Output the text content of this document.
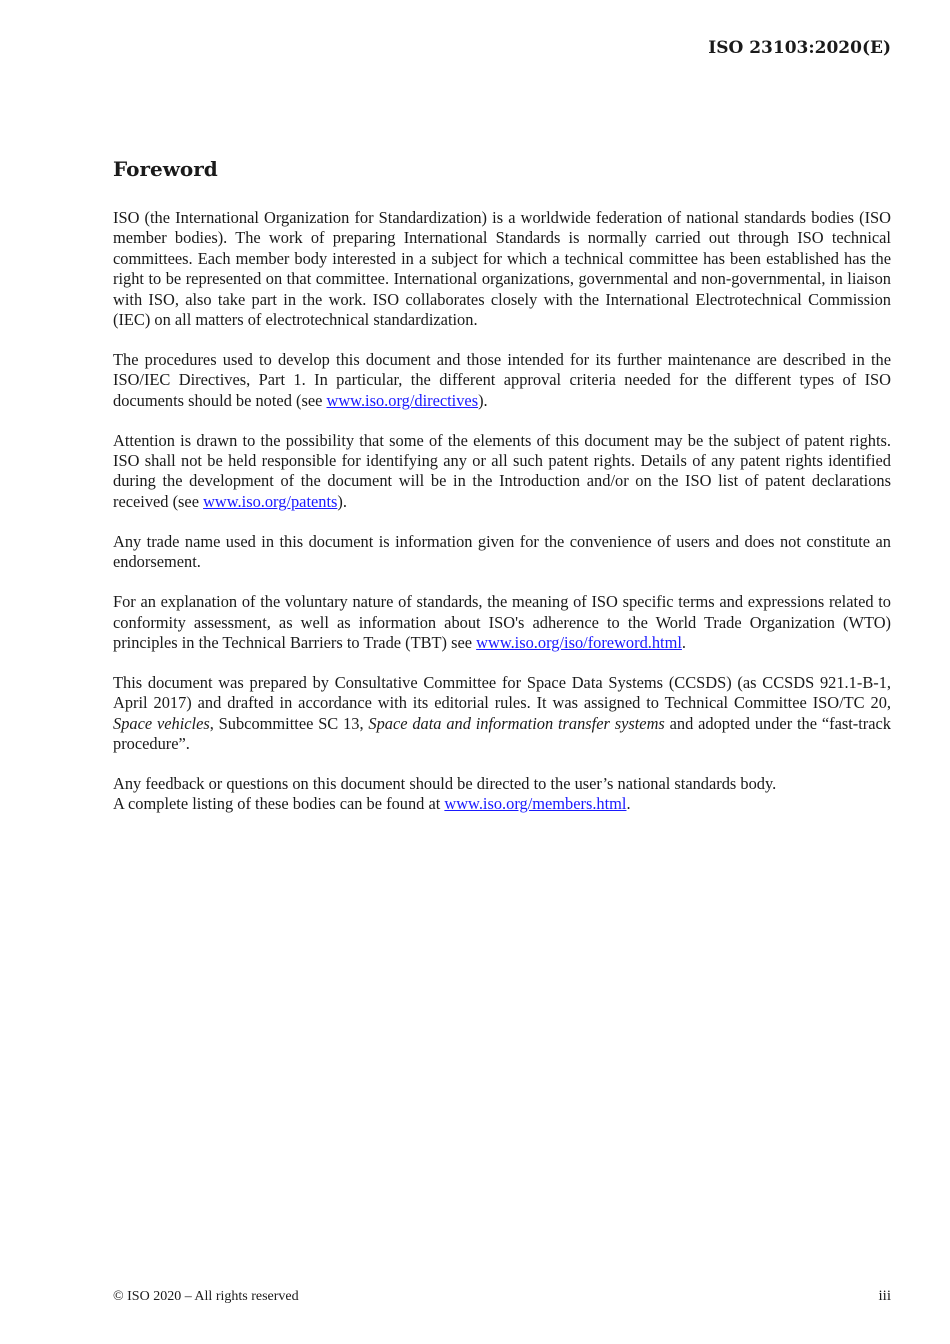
ISO 23103:2020(E)
Foreword

ISO (the International Organization for Standardization) is a worldwide federation of national standards bodies (ISO member bodies). The work of preparing International Standards is normally carried out through ISO technical committees. Each member body interested in a subject for which a technical committee has been established has the right to be represented on that committee. International organizations, governmental and non-governmental, in liaison with ISO, also take part in the work. ISO collaborates closely with the International Electrotechnical Commission (IEC) on all matters of electrotechnical standardization.

The procedures used to develop this document and those intended for its further maintenance are described in the ISO/IEC Directives, Part 1. In particular, the different approval criteria needed for the different types of ISO documents should be noted (see www.iso.org/directives).

Attention is drawn to the possibility that some of the elements of this document may be the subject of patent rights. ISO shall not be held responsible for identifying any or all such patent rights. Details of any patent rights identified during the development of the document will be in the Introduction and/or on the ISO list of patent declarations received (see www.iso.org/patents).

Any trade name used in this document is information given for the convenience of users and does not constitute an endorsement.

For an explanation of the voluntary nature of standards, the meaning of ISO specific terms and expressions related to conformity assessment, as well as information about ISO's adherence to the World Trade Organization (WTO) principles in the Technical Barriers to Trade (TBT) see www.iso.org/iso/foreword.html.

This document was prepared by Consultative Committee for Space Data Systems (CCSDS) (as CCSDS 921.1-B-1, April 2017) and drafted in accordance with its editorial rules. It was assigned to Technical Committee ISO/TC 20, Space vehicles, Subcommittee SC 13, Space data and information transfer systems and adopted under the “fast-track procedure”.

Any feedback or questions on this document should be directed to the user’s national standards body.
A complete listing of these bodies can be found at www.iso.org/members.html.

© ISO 2020 – All rights reserved	iii
